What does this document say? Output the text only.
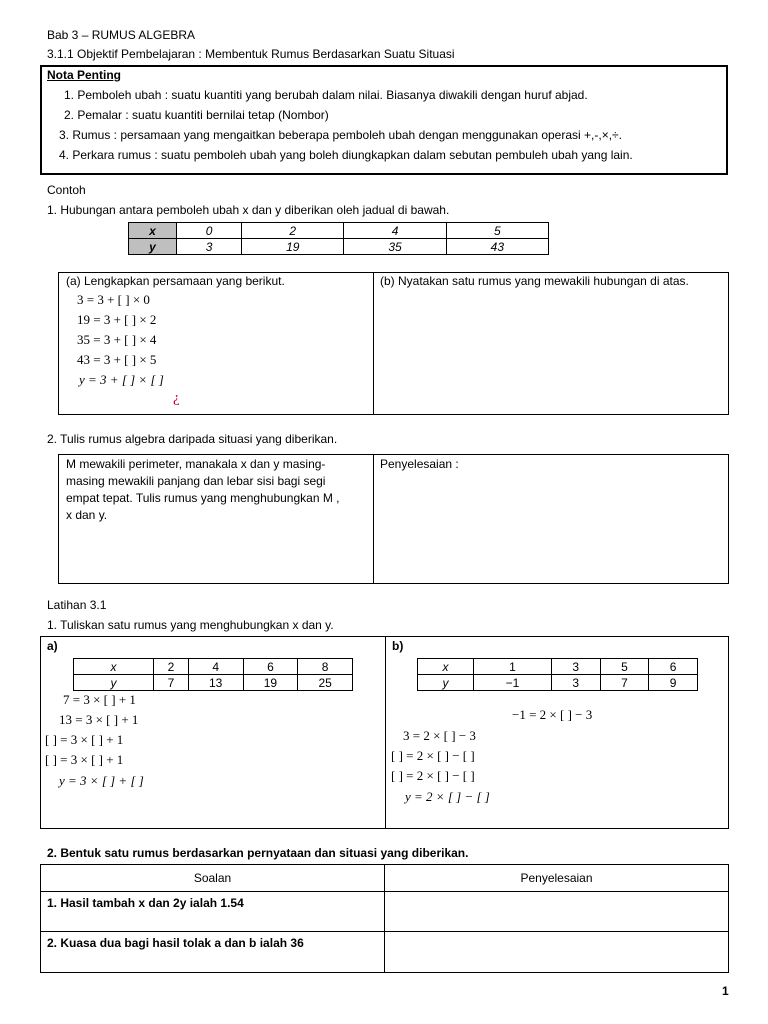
Bab 3 – RUMUS ALGEBRA
3.1.1 Objektif Pembelajaran : Membentuk Rumus Berdasarkan Suatu Situasi
Nota Penting
1. Pemboleh ubah : suatu kuantiti yang berubah dalam nilai. Biasanya diwakili dengan huruf abjad.
2. Pemalar : suatu kuantiti bernilai tetap (Nombor)
3. Rumus : persamaan yang mengaitkan beberapa pemboleh ubah dengan menggunakan operasi +,-,×,÷.
4. Perkara rumus : suatu pemboleh ubah yang boleh diungkapkan dalam sebutan pembuleh ubah yang lain.
Contoh
1. Hubungan antara pemboleh ubah x dan y diberikan oleh jadual di bawah.
x	0	2	4	5
y	3	19	35	43
(a) Lengkapkan persamaan yang berikut.
3 = 3 + [ ] × 0
19 = 3 + [ ] × 2
35 = 3 + [ ] × 4
43 = 3 + [ ] × 5
y = 3 + [ ] × [ ]
¿
(b) Nyatakan satu rumus yang mewakili hubungan di atas.
2. Tulis rumus algebra daripada situasi yang diberikan.
M mewakili perimeter, manakala x dan y masing-
masing mewakili panjang dan lebar sisi bagi segi
empat tepat. Tulis rumus yang menghubungkan M ,
x dan y.
Penyelesaian :
Latihan 3.1
1. Tuliskan satu rumus yang menghubungkan x dan y.
a)
x	2	4	6	8
y	7	13	19	25
7 = 3 × [ ] + 1
13 = 3 × [ ] + 1
[ ] = 3 × [ ] + 1
[ ] = 3 × [ ] + 1
y = 3 × [ ] + [ ]
b)
x	1	3	5	6
y	−1	3	7	9
−1 = 2 × [ ] − 3
3 = 2 × [ ] − 3
[ ] = 2 × [ ] − [ ]
[ ] = 2 × [ ] − [ ]
y = 2 × [ ] − [ ]
2. Bentuk satu rumus berdasarkan pernyataan dan situasi yang diberikan.
Soalan	Penyelesaian
1. Hasil tambah x dan 2y ialah 1.54	
2. Kuasa dua bagi hasil tolak a dan b ialah 36	
1
